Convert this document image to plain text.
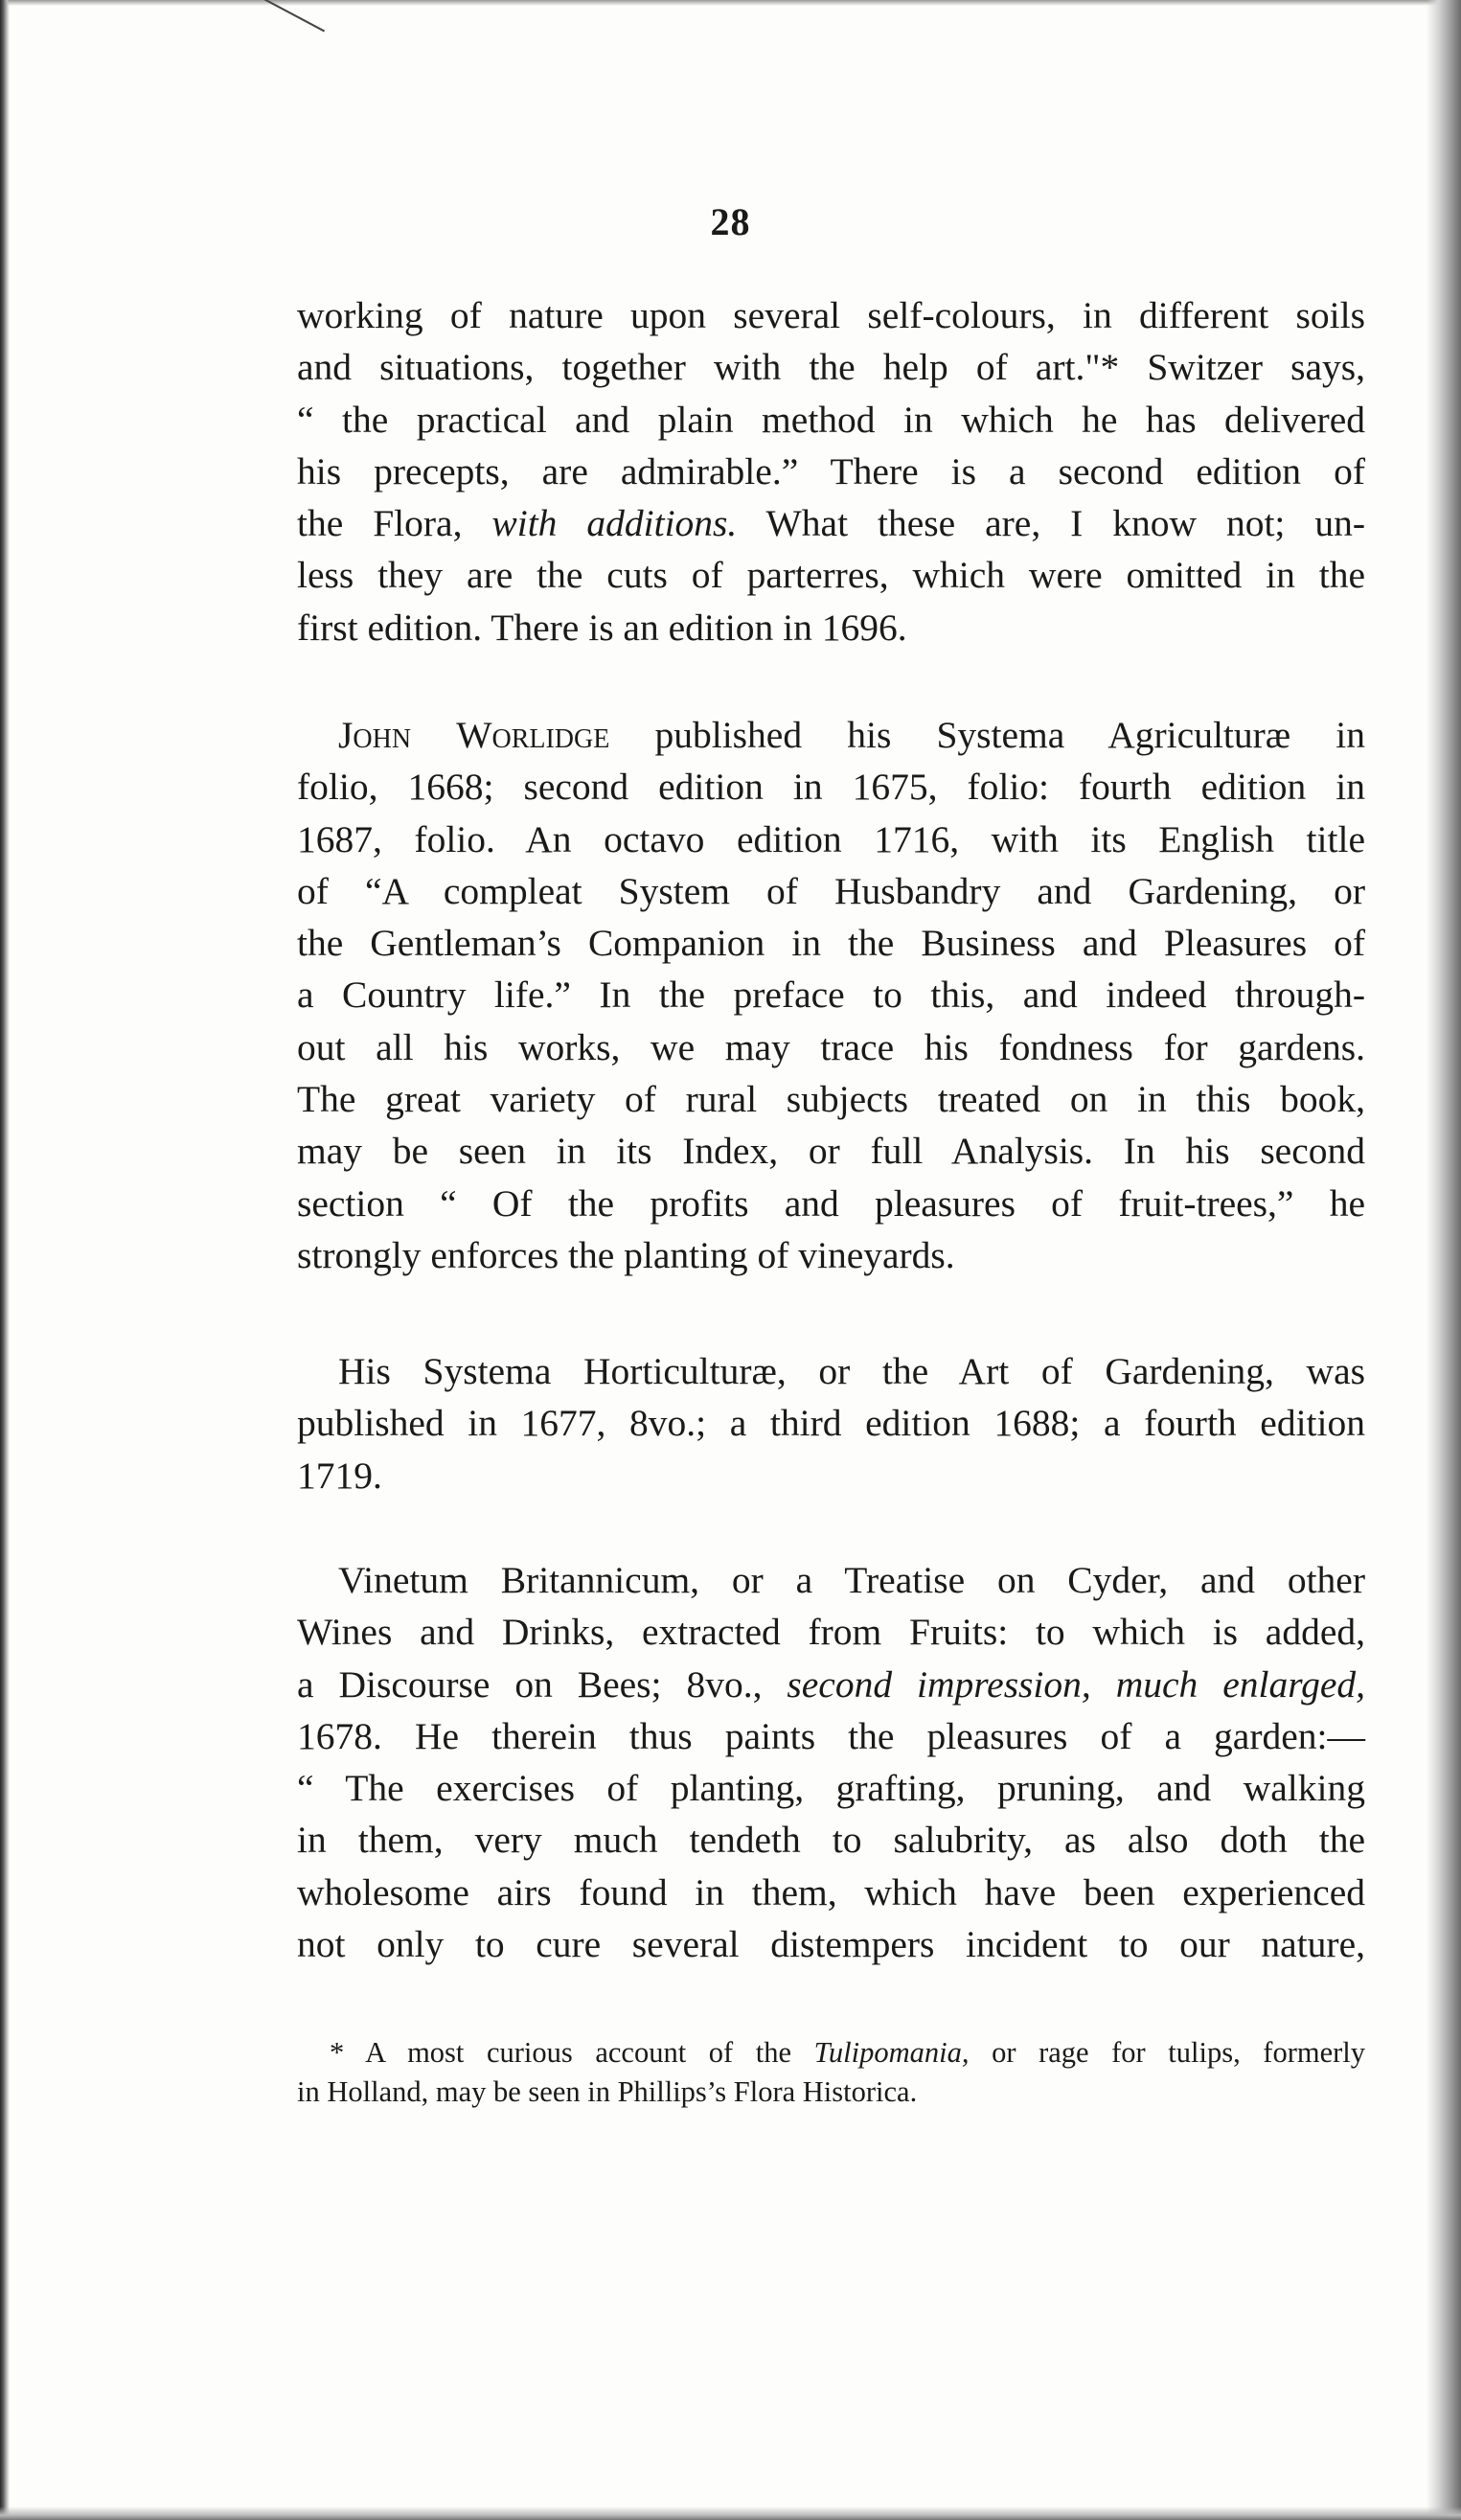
28
working of nature upon several self-colours, in different soils
and situations, together with the help of art."* Switzer says,
“ the practical and plain method in which he has delivered
his precepts, are admirable.” There is a second edition of
the Flora, with additions. What these are, I know not; un-
less they are the cuts of parterres, which were omitted in the
first edition. There is an edition in 1696.
John Worlidge published his Systema Agriculturæ in
folio, 1668; second edition in 1675, folio: fourth edition in
1687, folio. An octavo edition 1716, with its English title
of “A compleat System of Husbandry and Gardening, or
the Gentleman’s Companion in the Business and Pleasures of
a Country life.” In the preface to this, and indeed through-
out all his works, we may trace his fondness for gardens.
The great variety of rural subjects treated on in this book,
may be seen in its Index, or full Analysis. In his second
section “ Of the profits and pleasures of fruit-trees,” he
strongly enforces the planting of vineyards.
His Systema Horticulturæ, or the Art of Gardening, was
published in 1677, 8vo.; a third edition 1688; a fourth edition
1719.
Vinetum Britannicum, or a Treatise on Cyder, and other
Wines and Drinks, extracted from Fruits: to which is added,
a Discourse on Bees; 8vo., second impression, much enlarged,
1678. He therein thus paints the pleasures of a garden:—
“ The exercises of planting, grafting, pruning, and walking
in them, very much tendeth to salubrity, as also doth the
wholesome airs found in them, which have been experienced
not only to cure several distempers incident to our nature,
* A most curious account of the Tulipomania, or rage for tulips, formerly
in Holland, may be seen in Phillips’s Flora Historica.
